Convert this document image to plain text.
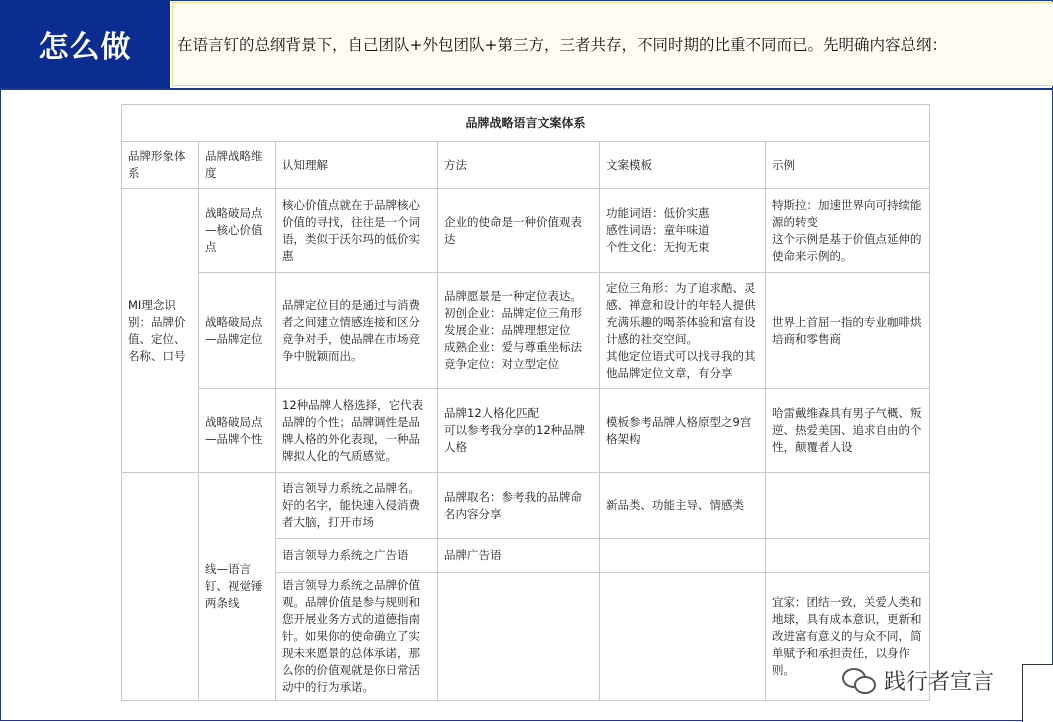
怎么做	在语言钉的总纲背景下，自己团队+外包团队+第三方，三者共存，不同时期的比重不同而已。先明确内容总纲：
品牌战略语言文案体系					
品牌形象体系	品牌战略维度	认知理解	方法	文案模板	示例
MI理念识别：品牌价值、定位、名称、口号	战略破局点—核心价值点	核心价值点就在于品牌核心价值的寻找，往往是一个词语，类似于沃尔玛的低价实惠	企业的使命是一种价值观表达	功能词语：低价实惠
感性词语：童年味道
个性文化：无拘无束	特斯拉：加速世界向可持续能源的转变
这个示例是基于价值点延伸的使命来示例的。
	战略破局点—品牌定位	品牌定位目的是通过与消费者之间建立情感连接和区分竞争对手，使品牌在市场竞争中脱颖而出。	品牌愿景是一种定位表达。
初创企业：品牌定位三角形
发展企业：品牌理想定位
成熟企业：爱与尊重坐标法
竞争定位：对立型定位	定位三角形：为了追求酷、灵感、禅意和设计的年轻人提供充满乐趣的喝茶体验和富有设计感的社交空间。
其他定位语式可以找寻我的其他品牌定位文章，有分享	世界上首屈一指的专业咖啡烘培商和零售商
	战略破局点—品牌个性	12种品牌人格选择，它代表品牌的个性；品牌调性是品牌人格的外化表现，一种品牌拟人化的气质感觉。	品牌12人格化匹配
可以参考我分享的12种品牌人格	模板参考品牌人格原型之9宫格架构	哈雷戴维森具有男子气概、叛逆、热爱美国、追求自由的个性，颠覆者人设
	线—语言钉、视觉锤两条线	语言领导力系统之品牌名。好的名字，能快速入侵消费者大脑，打开市场	品牌取名：参考我的品牌命名内容分享	新品类、功能主导、情感类	
		语言领导力系统之广告语	品牌广告语		
		语言领导力系统之品牌价值观。品牌价值是参与规则和您开展业务方式的道德指南针。如果你的使命确立了实现未来愿景的总体承诺，那么你的价值观就是你日常活动中的行为承诺。			宜家：团结一致，关爱人类和地球，具有成本意识，更新和改进富有意义的与众不同，简单赋予和承担责任，以身作则。	践行者宣言
